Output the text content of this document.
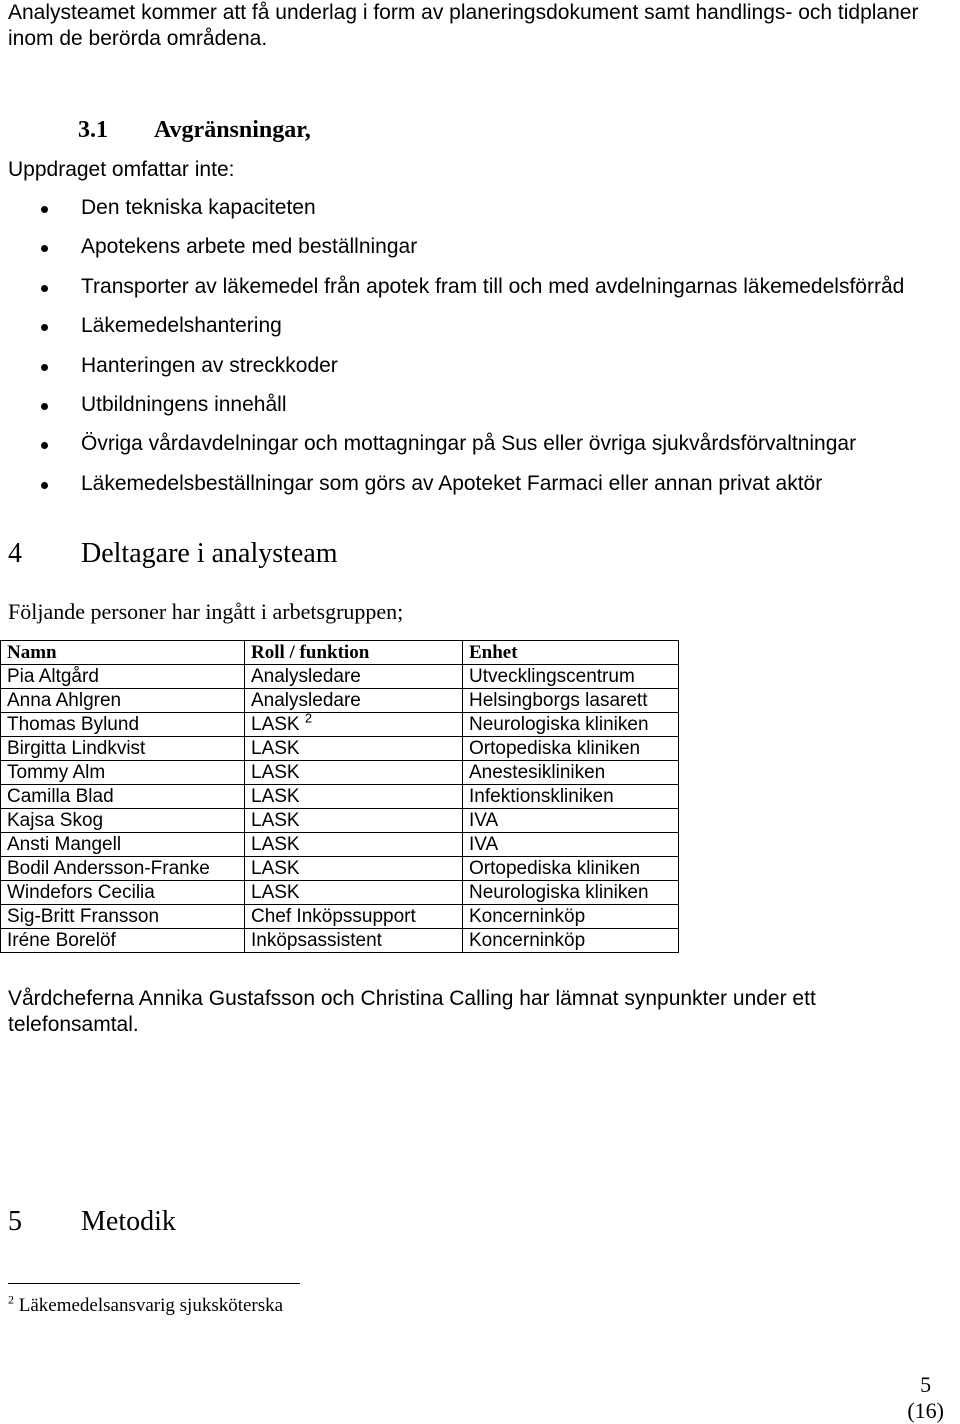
Analysteamet kommer att få underlag i form av planeringsdokument samt handlings- och tidplaner inom de berörda områdena.
3.1 Avgränsningar,
Uppdraget omfattar inte:
Den tekniska kapaciteten
Apotekens arbete med beställningar
Transporter av läkemedel från apotek fram till och med avdelningarnas läkemedelsförråd
Läkemedelshantering
Hanteringen av streckkoder
Utbildningens innehåll
Övriga vårdavdelningar och mottagningar på Sus eller övriga sjukvårdsförvaltningar
Läkemedelsbeställningar som görs av Apoteket Farmaci eller annan privat aktör
4 Deltagare i analysteam
Följande personer har ingått i arbetsgruppen;
Namn	Roll / funktion	Enhet
Pia Altgård	Analysledare	Utvecklingscentrum
Anna Ahlgren	Analysledare	Helsingborgs lasarett
Thomas Bylund	LASK $^2$	Neurologiska kliniken
Birgitta Lindkvist	LASK	Ortopediska kliniken
Tommy Alm	LASK	Anestesikliniken
Camilla Blad	LASK	Infektionskliniken
Kajsa Skog	LASK	IVA
Ansti Mangell	LASK	IVA
Bodil Andersson-Franke	LASK	Ortopediska kliniken
Windefors Cecilia	LASK	Neurologiska kliniken
Sig-Britt Fransson	Chef Inköpssupport	Koncerninköp
Iréne Borelöf	Inköpsassistent	Koncerninköp
Vårdcheferna Annika Gustafsson och Christina Calling har lämnat synpunkter under ett telefonsamtal.
5 Metodik
$^2$ Läkemedelsansvarig sjuksköterska
5
(16)
